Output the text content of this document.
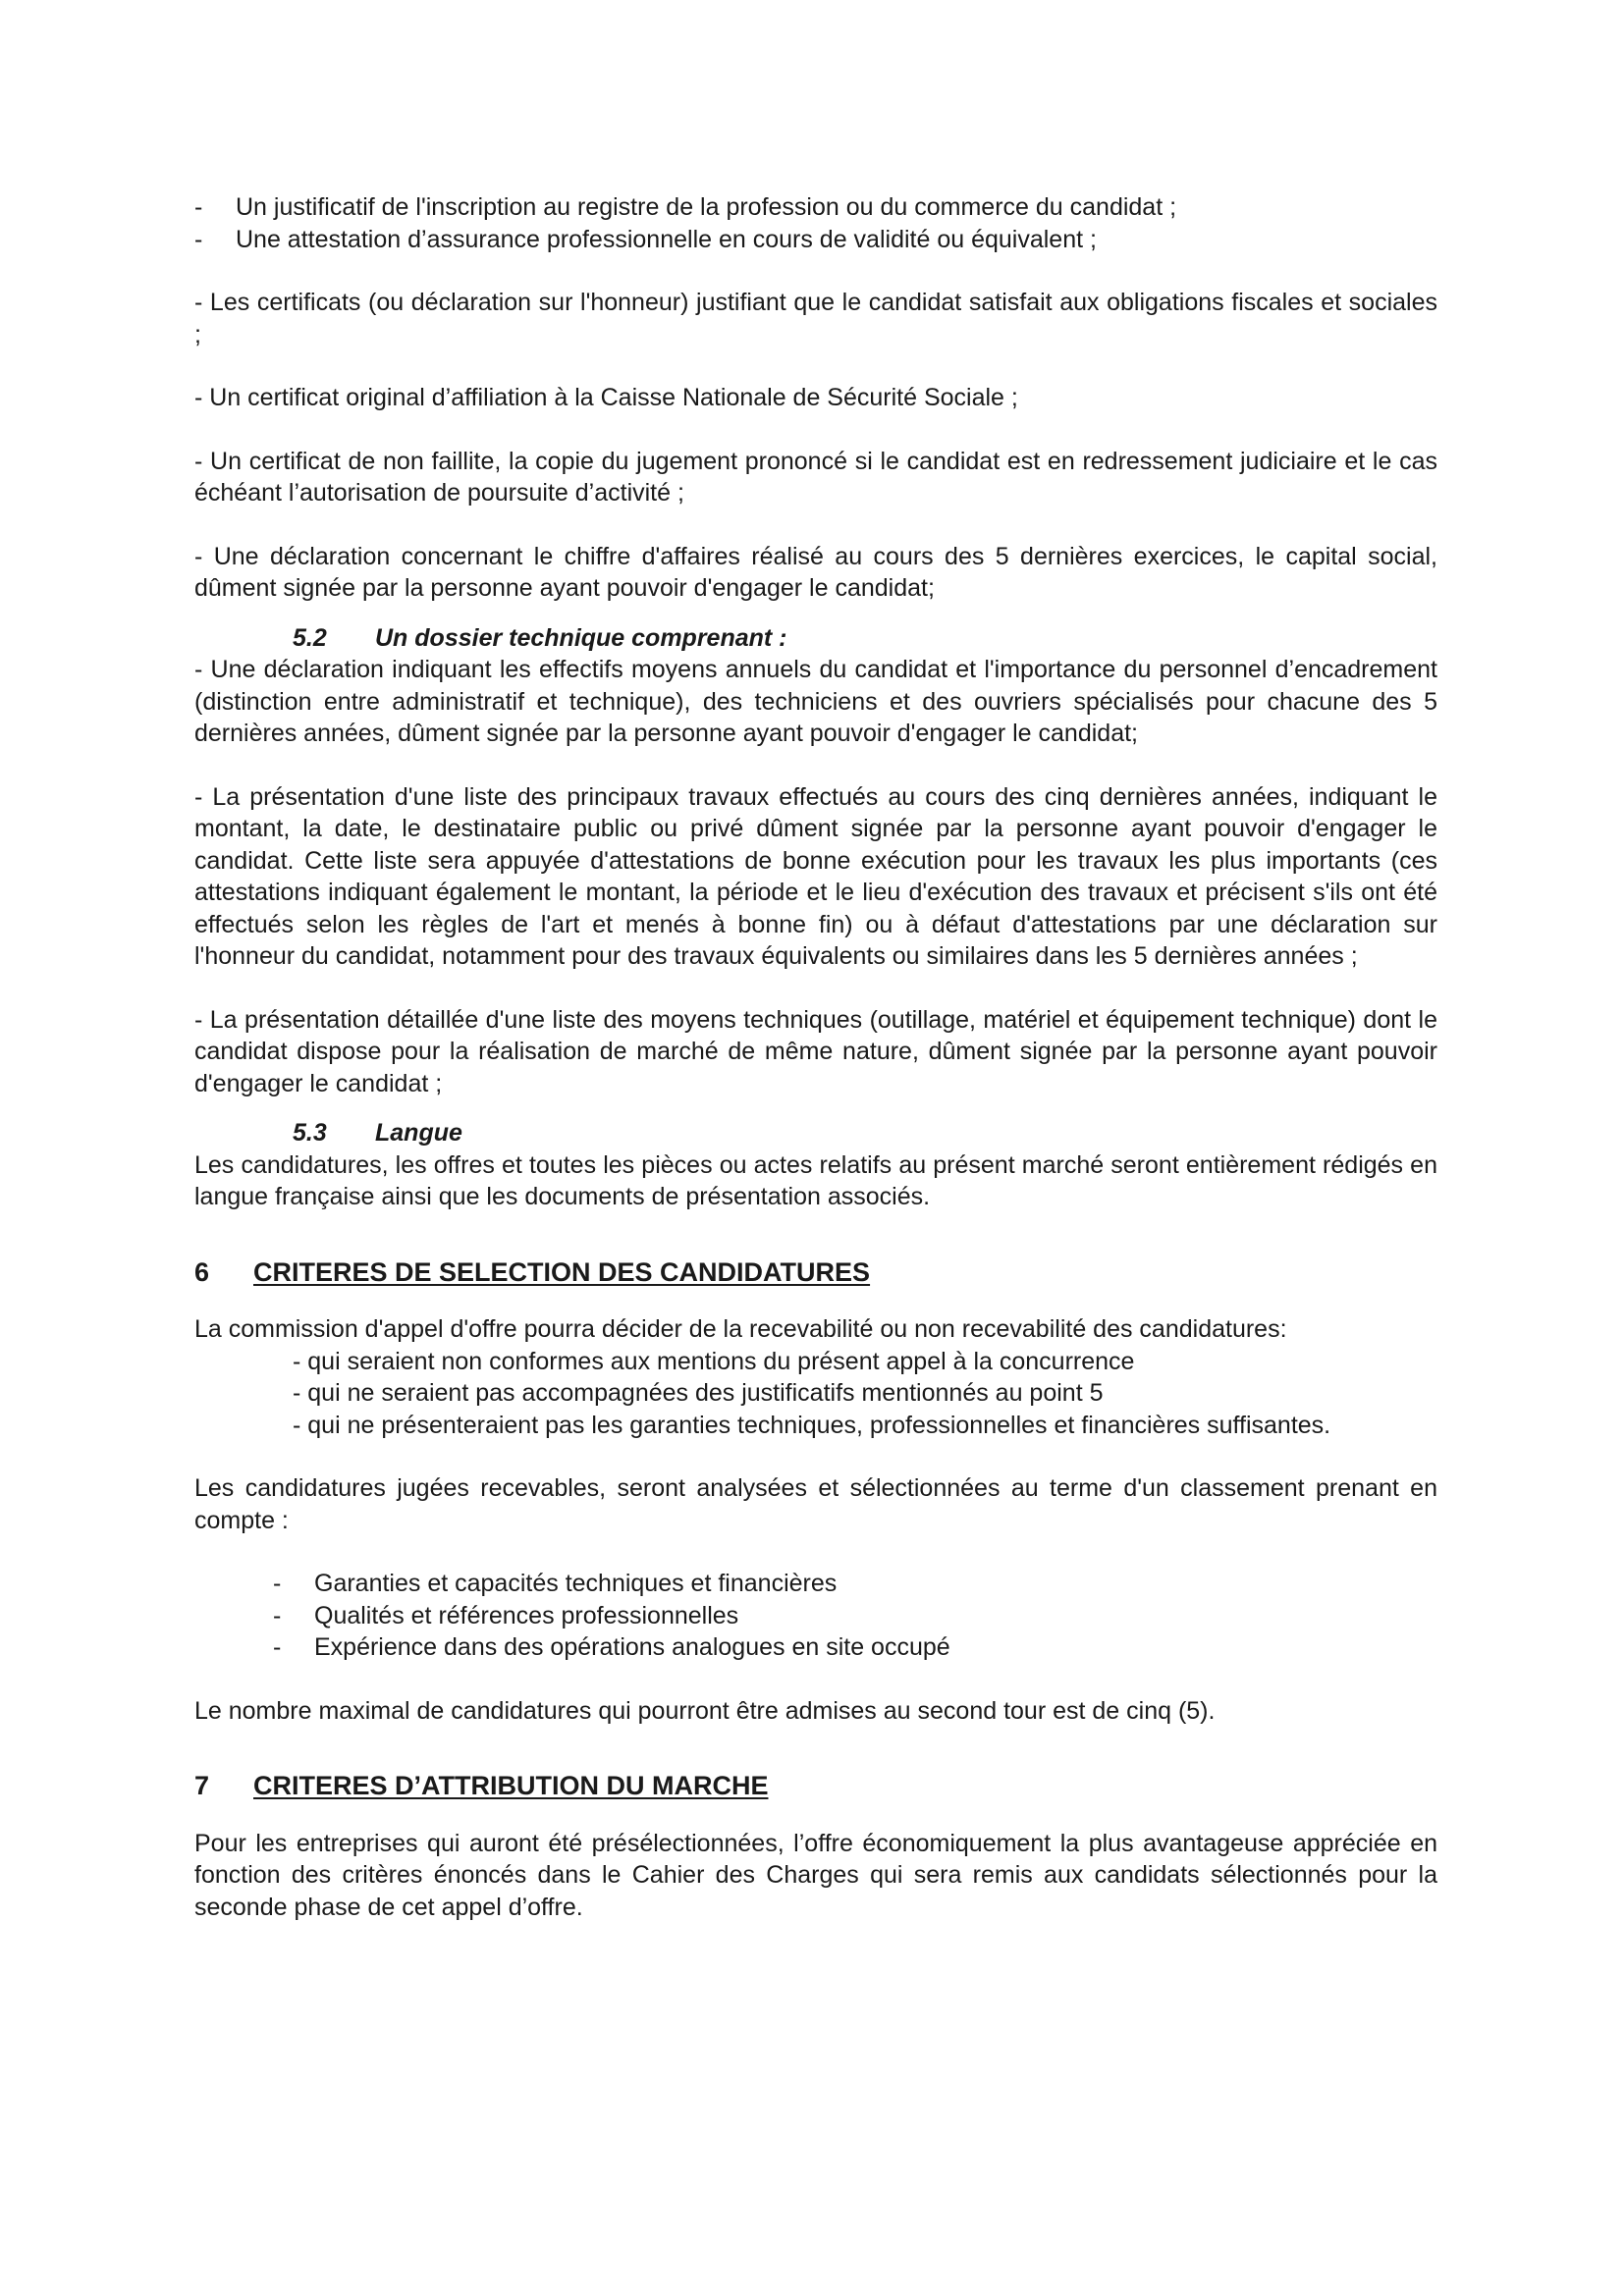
-	Un justificatif de l'inscription au registre de la profession ou du commerce du candidat ;
-	Une attestation d’assurance professionnelle en cours de validité ou équivalent ;

- Les certificats (ou déclaration sur l'honneur) justifiant que le candidat satisfait aux obligations fiscales et sociales ;

- Un certificat original d’affiliation à la Caisse Nationale de Sécurité Sociale ;

- Un certificat de non faillite, la copie du jugement prononcé si le candidat est en redressement judiciaire et le cas échéant l’autorisation de poursuite d’activité ;

- Une déclaration concernant le chiffre d'affaires réalisé au cours des 5 dernières exercices, le capital social, dûment signée par la personne ayant pouvoir d'engager le candidat;

5.2	Un dossier technique comprenant :

- Une déclaration indiquant les effectifs moyens annuels du candidat et l'importance du personnel d’encadrement (distinction entre administratif et technique), des techniciens et des ouvriers spécialisés pour chacune des 5 dernières années, dûment signée par la personne ayant pouvoir d'engager le candidat;

- La présentation d'une liste des principaux travaux effectués au cours des cinq dernières années, indiquant le montant, la date, le destinataire public ou privé dûment signée par la personne ayant pouvoir d'engager le candidat. Cette liste sera appuyée d'attestations de bonne exécution pour les travaux les plus importants (ces attestations indiquant également le montant, la période et le lieu d'exécution des travaux et précisent s'ils ont été effectués selon les règles de l'art et menés à bonne fin) ou à défaut d'attestations par une déclaration sur l'honneur du candidat, notamment pour des travaux équivalents ou similaires dans les 5 dernières années ;

- La présentation détaillée d'une liste des moyens techniques (outillage, matériel et équipement technique) dont le candidat dispose pour la réalisation de marché de même nature, dûment signée par la personne ayant pouvoir d'engager le candidat ;

5.3	Langue

Les candidatures, les offres et toutes les pièces ou actes relatifs au présent marché seront entièrement rédigés en langue française ainsi que les documents de présentation associés.

6	CRITERES DE SELECTION DES CANDIDATURES

La commission d'appel d'offre pourra décider de la recevabilité ou non recevabilité des candidatures:

- qui seraient non conformes aux mentions du présent appel à la concurrence

- qui ne seraient pas accompagnées des justificatifs mentionnés au point 5

- qui ne présenteraient pas les garanties techniques, professionnelles et financières suffisantes.

Les candidatures jugées recevables, seront analysées et sélectionnées au terme d'un classement prenant en compte :

-	Garanties et capacités techniques et financières
-	Qualités et références professionnelles
-	Expérience dans des opérations analogues en site occupé

Le nombre maximal de candidatures qui pourront être admises au second tour est de cinq (5).

7	CRITERES D’ATTRIBUTION DU MARCHE

Pour les entreprises qui auront été présélectionnées, l’offre économiquement la plus avantageuse appréciée en fonction des critères énoncés dans le Cahier des Charges qui sera remis aux candidats sélectionnés pour la seconde phase de cet appel d’offre.
